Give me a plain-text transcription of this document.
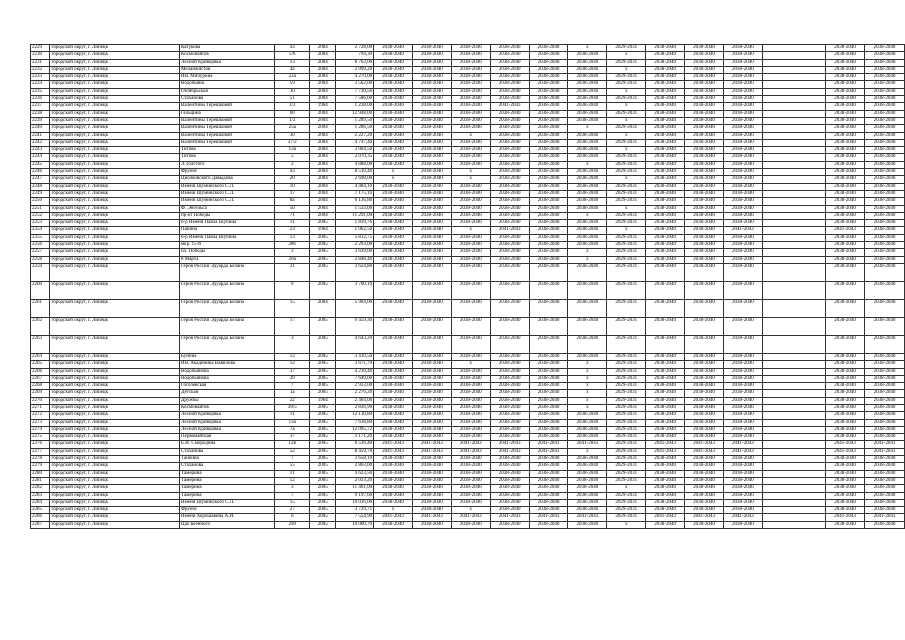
2229	городской округ, г. Липецк	Катукова	43	2004	2 728,00	2038-2040	2038-2040	2038-2040	2038-2040	2038-2040	x	2029-2031	2038-2040	2038-2040	2038-2040		2038-2040	2038-2040
2230	городской округ, г. Липецк	Космонавтов	5/6	2004	794,30	2038-2040	2038-2040	2038-2040	2038-2040	2038-2040	2038-2040	x	2038-2040	2038-2040	2038-2040		2038-2040	2038-2040
2231	городской округ, г. Липецк	Лесной Кривцовка	13	2004	8 763,00	2038-2040	2038-2040	2038-2040	2038-2040	2038-2040	2038-2040	2029-2031	2038-2040	2038-2040	2038-2040		2038-2040	2038-2040
2232	городской округ, г. Липецк	Меланжистов	4а	2004	2 999,20	2038-2040	2038-2040	2038-2040	2038-2040	2038-2040	2038-2040	x	2038-2040	2038-2040	2038-2040		2038-2040	2038-2040
2233	городской округ, г. Липецк	Им. Мичурина	22а	2004	4 270,00	2038-2040	2038-2040	2038-2040	2038-2040	2038-2040	2038-2040	2029-2031	2038-2040	2038-2040	2038-2040		2038-2040	2038-2040
2234	городской округ, г. Липецк	Водопьяна	59	2004	3 562,00	2038-2040	2038-2040	2038-2040	2038-2040	2038-2040	2038-2040	2029-2031	2038-2040	2038-2040	2038-2040		2038-2040	2038-2040
2235	городской округ, г. Липецк	Октябрьская	30	2004	7 730,50	2038-2040	2038-2040	2038-2040	2038-2040	2038-2040	2038-2040	x	2038-2040	2038-2040	2038-2040		2038-2040	2038-2040
2236	городской округ, г. Липецк	Стаханова	51	2004	7 586,00	2038-2040	2038-2040	2038-2040	2038-2040	2038-2040	2038-2040	2029-2031	2038-2040	2038-2040	2038-2040		2038-2040	2038-2040
2237	городской округ, г. Липецк	Валентины Терешковой	3/3	1964	1 238,00	2038-2040	2038-2040	2038-2040	2041-2043	2038-2040	2038-2040	x	2038-2040	2038-2040	2038-2040		2038-2040	2038-2040
2238	городской округ, г. Липецк	Гельцина	00	2004	12 948,00	2038-2040	2038-2040	2038-2040	2038-2040	2038-2040	2038-2040	2029-2031	2038-2040	2038-2040	2038-2040		2038-2040	2038-2040
2239	городской округ, г. Липецк	Валентины Терешковой	1/2	2004	1 289,50	2038-2040	2038-2040	2038-2040	2038-2040	2038-2040	2038-2040	x	2038-2040	2038-2040	2038-2040		2038-2040	2038-2040
2240	городской округ, г. Липецк	Валентины Терешковой	25а	2004	1 286,50	2038-2040	2038-2040	2038-2040	2038-2040	2038-2040	x	2029-2031	2038-2040	2038-2040	2038-2040		2038-2040	2038-2040
2241	городской округ, г. Липецк	Валентины Терешковой	30	2004	2 227,20	2038-2040	2038-2040	x	2038-2040	2038-2040	2038-2040	x	2038-2040	2038-2040	2038-2040		2038-2040	2038-2040
2242	городской округ, г. Липецк	Валентины Терешковой	37/2	2004	4 747,40	2038-2040	2038-2040	2038-2040	2038-2040	2038-2040	2038-2040	2029-2031	2038-2040	2038-2040	2038-2040		2038-2040	2038-2040
2243	городской округ, г. Липецк	Титова	13а	2004	3 004,50	2038-2040	2038-2040	2038-2040	2038-2040	2038-2040	2038-2040	x	2038-2040	2038-2040	2038-2040		2038-2040	2038-2040
2244	городской округ, г. Липецк	Титова	5	2004	2 070,35	2038-2040	2038-2040	2038-2040	2038-2040	2038-2040	2038-2040	2029-2031	2038-2040	2038-2040	2038-2040		2038-2040	2038-2040
2245	городской округ, г. Липецк	Л.Толстого	2	2004	4 888,00	2038-2040	2038-2040	2038-2040	2038-2040	2038-2040	x	2029-2031	2038-2040	2038-2040	2038-2040		2038-2040	2038-2040
2246	городской округ, г. Липецк	Фрунзе	43	2004	8 510,40	x	2038-2040	x	2038-2040	2038-2040	2038-2040	2029-2031	2038-2040	2038-2040	2038-2040		2038-2040	2038-2040
2247	городской округ, г. Липецк	Циолковского Давыдова	20	2004	2 698,00	x	2038-2040	x	2038-2040	2038-2040	2038-2040	x	2038-2040	2038-2040	2038-2040		2038-2040	2038-2040
2248	городской округ, г. Липецк	Имени Шуминского С.Л.	10	2004	4 484,10	2038-2040	2038-2040	2038-2040	2038-2040	2038-2040	2038-2040	2029-2031	2038-2040	2038-2040	2038-2040		2038-2040	2038-2040
2249	городской округ, г. Липецк	Имени Шуминского С.Л.	17	2004	7 175,10	2038-2040	2038-2040	2038-2040	2038-2040	2038-2040	2038-2040	2029-2031	2038-2040	2038-2040	2038-2040		2038-2040	2038-2040
2250	городской округ, г. Липецк	Имени Шуминского С.Л.	8а	2004	6 136,80	2038-2040	2038-2040	2038-2040	2038-2040	2038-2040	2038-2040	2029-2031	2038-2040	2038-2040	2038-2040		2038-2040	2038-2040
2251	городской округ, г. Липецк	Ф. Энгельса	50	2004	1 533,00	2038-2040	2038-2040	2038-2040	2038-2040	2038-2040	2038-2040	x	2038-2040	2038-2040	2038-2040		2038-2040	2038-2040
2252	городской округ, г. Липецк	пр-кт Победы	71	2004	11 291,00	2038-2040	2038-2040	2038-2040	2038-2040	2038-2040	x	2029-2031	2038-2040	2038-2040	2038-2040		2038-2040	2038-2040
2253	городской округ, г. Липецк	б-р Имени Павла Шубина	11	2005	1 839,76	2038-2040	2038-2040	2038-2040	2038-2040	2038-2040	2038-2040	2029-2031	2038-2040	2038-2040	2038-2040		2038-2040	2038-2040
2254	городской округ, г. Липецк	Папина	23	1964	1 962,50	2038-2040	2038-2040	x	2041-2043	2038-2040	2038-2040	x	2038-2040	2038-2040	2041-2043		2041-2043	2038-2040
2255	городской округ, г. Липецк	б-р Имени Павла Шубина	13	2005	5 812,75	2038-2040	2038-2040	2038-2040	2038-2040	2038-2040	2038-2040	2029-2031	2038-2040	2038-2040	2038-2040		2038-2040	2038-2040
2256	городской округ, г. Липецк	мкр. 15-й	28б	2005	2 293,00	2038-2040	2038-2040	2038-2040	2038-2040	2038-2040	2038-2040	2029-2031	2038-2040	2038-2040	2038-2040		2038-2040	2038-2040
2257	городской округ, г. Липецк	пл. Победы	3	2005	3 639,00	2038-2040	2038-2040	2038-2040	2038-2040	2038-2040	x	2029-2031	2038-2040	2038-2040	2038-2040		2038-2040	2038-2040
2258	городской округ, г. Липецк	8 Марта	20а	2005	2 848,40	2038-2040	2038-2040	2038-2040	2038-2040	2038-2040	x	2029-2031	2038-2040	2038-2040	2038-2040		2038-2040	2038-2040
2259	городской округ, г. Липецк	Героя России Эдуарда Белана	31	2005	3 624,80	2038-2040	2038-2040	2038-2040	2038-2040	2038-2040	2038-2040	2029-2031	2038-2040	2038-2040	2038-2040		2038-2040	2038-2040
2260	городской округ, г. Липецк	Героя России Эдуарда Белана	9	2005	3 700,10	2038-2040	2038-2040	2038-2040	2038-2040	2038-2040	2038-2040	2029-2031	2038-2040	2038-2040	2038-2040		2038-2040	2038-2040
2261	городской округ, г. Липецк	Героя России Эдуарда Белана	15	2004	5 904,00	2038-2040	2038-2040	2038-2040	2038-2040	2038-2040	2038-2040	2029-2031	2038-2040	2038-2040	2038-2040		2038-2040	2038-2040
2262	городской округ, г. Липецк	Героя России Эдуарда Белана	17	2005	9 459,30	2038-2040	2038-2040	2038-2040	2038-2040	2038-2040	2038-2040	2029-2031	2038-2040	2038-2040	2038-2040		2038-2040	2038-2040
2263	городской округ, г. Липецк	Героя России Эдуарда Белана	3	2005	4 643,20	2038-2040	2038-2040	2038-2040	2038-2040	2038-2040	2038-2040	2029-2031	2038-2040	2038-2040	2038-2040		2038-2040	2038-2040
2264	городской округ, г. Липецк	Бунина	12	2005	3 410,50	2038-2040	2038-2040	2038-2040	2038-2040	2038-2040	2038-2040	2029-2031	2038-2040	2038-2040	2038-2040		2038-2040	2038-2040
2265	городской округ, г. Липецк	Им. Академика Вавилова	12	2005	3 671,70	2038-2040	2038-2040	x	2038-2040	2038-2040	x	2029-2031	2038-2040	2038-2040	2038-2040		2038-2040	2038-2040
2266	городской округ, г. Липецк	Водопьянова	37	2005	4 210,40	2038-2040	2038-2040	2038-2040	2038-2040	2038-2040	x	2029-2031	2038-2040	2038-2040	2038-2040		2038-2040	2038-2040
2267	городской округ, г. Липецк	Водопьянова	39	2005	7 649,00	2038-2040	2038-2040	2038-2040	2038-2040	2038-2040	x	2029-2031	2038-2040	2038-2040	2038-2040		2038-2040	2038-2040
2268	городской округ, г. Липецк	Гоголевская	7	2005	2 933,00	2038-2040	2038-2040	2038-2040	2038-2040	2038-2040	x	2029-2031	2038-2040	2038-2040	2038-2040		2038-2040	2038-2040
2269	городской округ, г. Липецк	Детская	1а	2005	2 276,20	2038-2040	2038-2040	2038-2040	2038-2040	2038-2040	x	2029-2031	2038-2040	2038-2040	2038-2040		2038-2040	2038-2040
2270	городской округ, г. Липецк	Дружбы	22	1964	2 404,00	2038-2040	2038-2040	2038-2040	2038-2040	2038-2040	x	2029-2031	2038-2040	2038-2040	2038-2040		2038-2040	2038-2040
2271	городской округ, г. Липецк	Космонавтов	39/5	2005	2 836,90	2038-2040	2038-2040	2038-2040	2038-2040	2038-2040	x	2029-2031	2038-2040	2038-2040	2038-2040		2038-2040	2038-2040
2272	городской округ, г. Липецк	Лесной Кривцовка	11	2005	12 130,80	2038-2040	2038-2040	2038-2040	2038-2040	2038-2040	2038-2040	2029-2031	2038-2040	2038-2040	2038-2040		2038-2040	2038-2040
2273	городской округ, г. Липецк	Лесной Кривцовка	13а	2005	7 618,80	2038-2040	2038-2040	2038-2040	2038-2040	2038-2040	2038-2040	2029-2031	2038-2040	2038-2040	2038-2040		2038-2040	2038-2040
2274	городской округ, г. Липецк	Лесной Кривцовка	7а	2005	12 095,72	2038-2040	2038-2040	2038-2040	2038-2040	2038-2040	2038-2040	2029-2031	2038-2040	2038-2040	2038-2040		2038-2040	2038-2040
2275	городской округ, г. Липецк	Первомайская	37	2005	3 171,20	2038-2040	2038-2040	2038-2040	2038-2040	2038-2040	2038-2040	2029-2031	2038-2040	2038-2040	2038-2040		2038-2040	2038-2040
2276	городской округ, г. Липецк	Е.И. Смородина	12в	2005	6 536,40	2041-2043	2041-2043	2041-2043	2041-2043	2041-2043	2041-2043	2029-2031	2041-2043	2041-2043	2041-2043		2041-2043	2041-2043
2277	городской округ, г. Липецк	Стаханова	52	2005	8 459,70	2041-2043	2041-2043	2041-2043	2041-2043	2041-2043	x	2029-2031	2041-2043	2041-2043	2041-2043		2041-2043	2041-2043
2278	городской округ, г. Липецк	Танкина	7	2005	3 658,10	2038-2040	2038-2040	2038-2040	2038-2040	2038-2040	2038-2040	2029-2031	2038-2040	2038-2040	2038-2040		2038-2040	2038-2040
2279	городской округ, г. Липецк	Стаханова	55	2005	2 863,00	2038-2040	2038-2040	2038-2040	2038-2040	2038-2040	2038-2040	2029-2031	2038-2040	2038-2040	2038-2040		2038-2040	2038-2040
2280	городской округ, г. Липецк	Тамерина	11	2005	4 623,50	2038-2040	2038-2040	2038-2040	2038-2040	2038-2040	2038-2040	2029-2031	2038-2040	2038-2040	2038-2040		2038-2040	2038-2040
2281	городской округ, г. Липецк	Тамерина	12	2005	2 033,20	2038-2040	2038-2040	2038-2040	2038-2040	2038-2040	2038-2040	2029-2031	2038-2040	2038-2040	2038-2040		2038-2040	2038-2040
2282	городской округ, г. Липецк	Тамерина	3	2005	11 461,00	2038-2040	2038-2040	2038-2040	2038-2040	2038-2040	2038-2040	x	2038-2040	2038-2040	2038-2040		2038-2040	2038-2040
2283	городской округ, г. Липецк	Тамерина	7	2005	9 197,60	2038-2040	2038-2040	2038-2040	2038-2040	2038-2040	2038-2040	2029-2031	2038-2040	2038-2040	2038-2040		2038-2040	2038-2040
2284	городской округ, г. Липецк	Имени Шуминского С.Л.	15	2005	10 016,00	2038-2040	2038-2040	2038-2040	2038-2040	2038-2040	2038-2040	2029-2031	2038-2040	2038-2040	2038-2040		2038-2040	2038-2040
2285	городской округ, г. Липецк	Фрунзе	27	2005	3 729,71	x	2038-2040	x	2038-2040	2038-2040	2038-2040	2029-2031	2038-2040	2038-2040	2038-2040		2038-2040	2038-2040
2286	городской округ, г. Липецк	Имени Хорошавина А.И.	6	2005	7 554,90	2041-2043	2041-2043	2041-2043	2041-2043	2041-2043	2041-2043	2029-2031	2041-2043	2041-2043	2041-2043		2041-2043	2041-2043
2287	городской округ, г. Липецк	Цао военного	290	2005	10 000,70	2038-2040	2038-2040	2038-2040	2038-2040	2038-2040	2038-2040	x	2038-2040	2038-2040	2038-2040		2038-2040	2038-2040
